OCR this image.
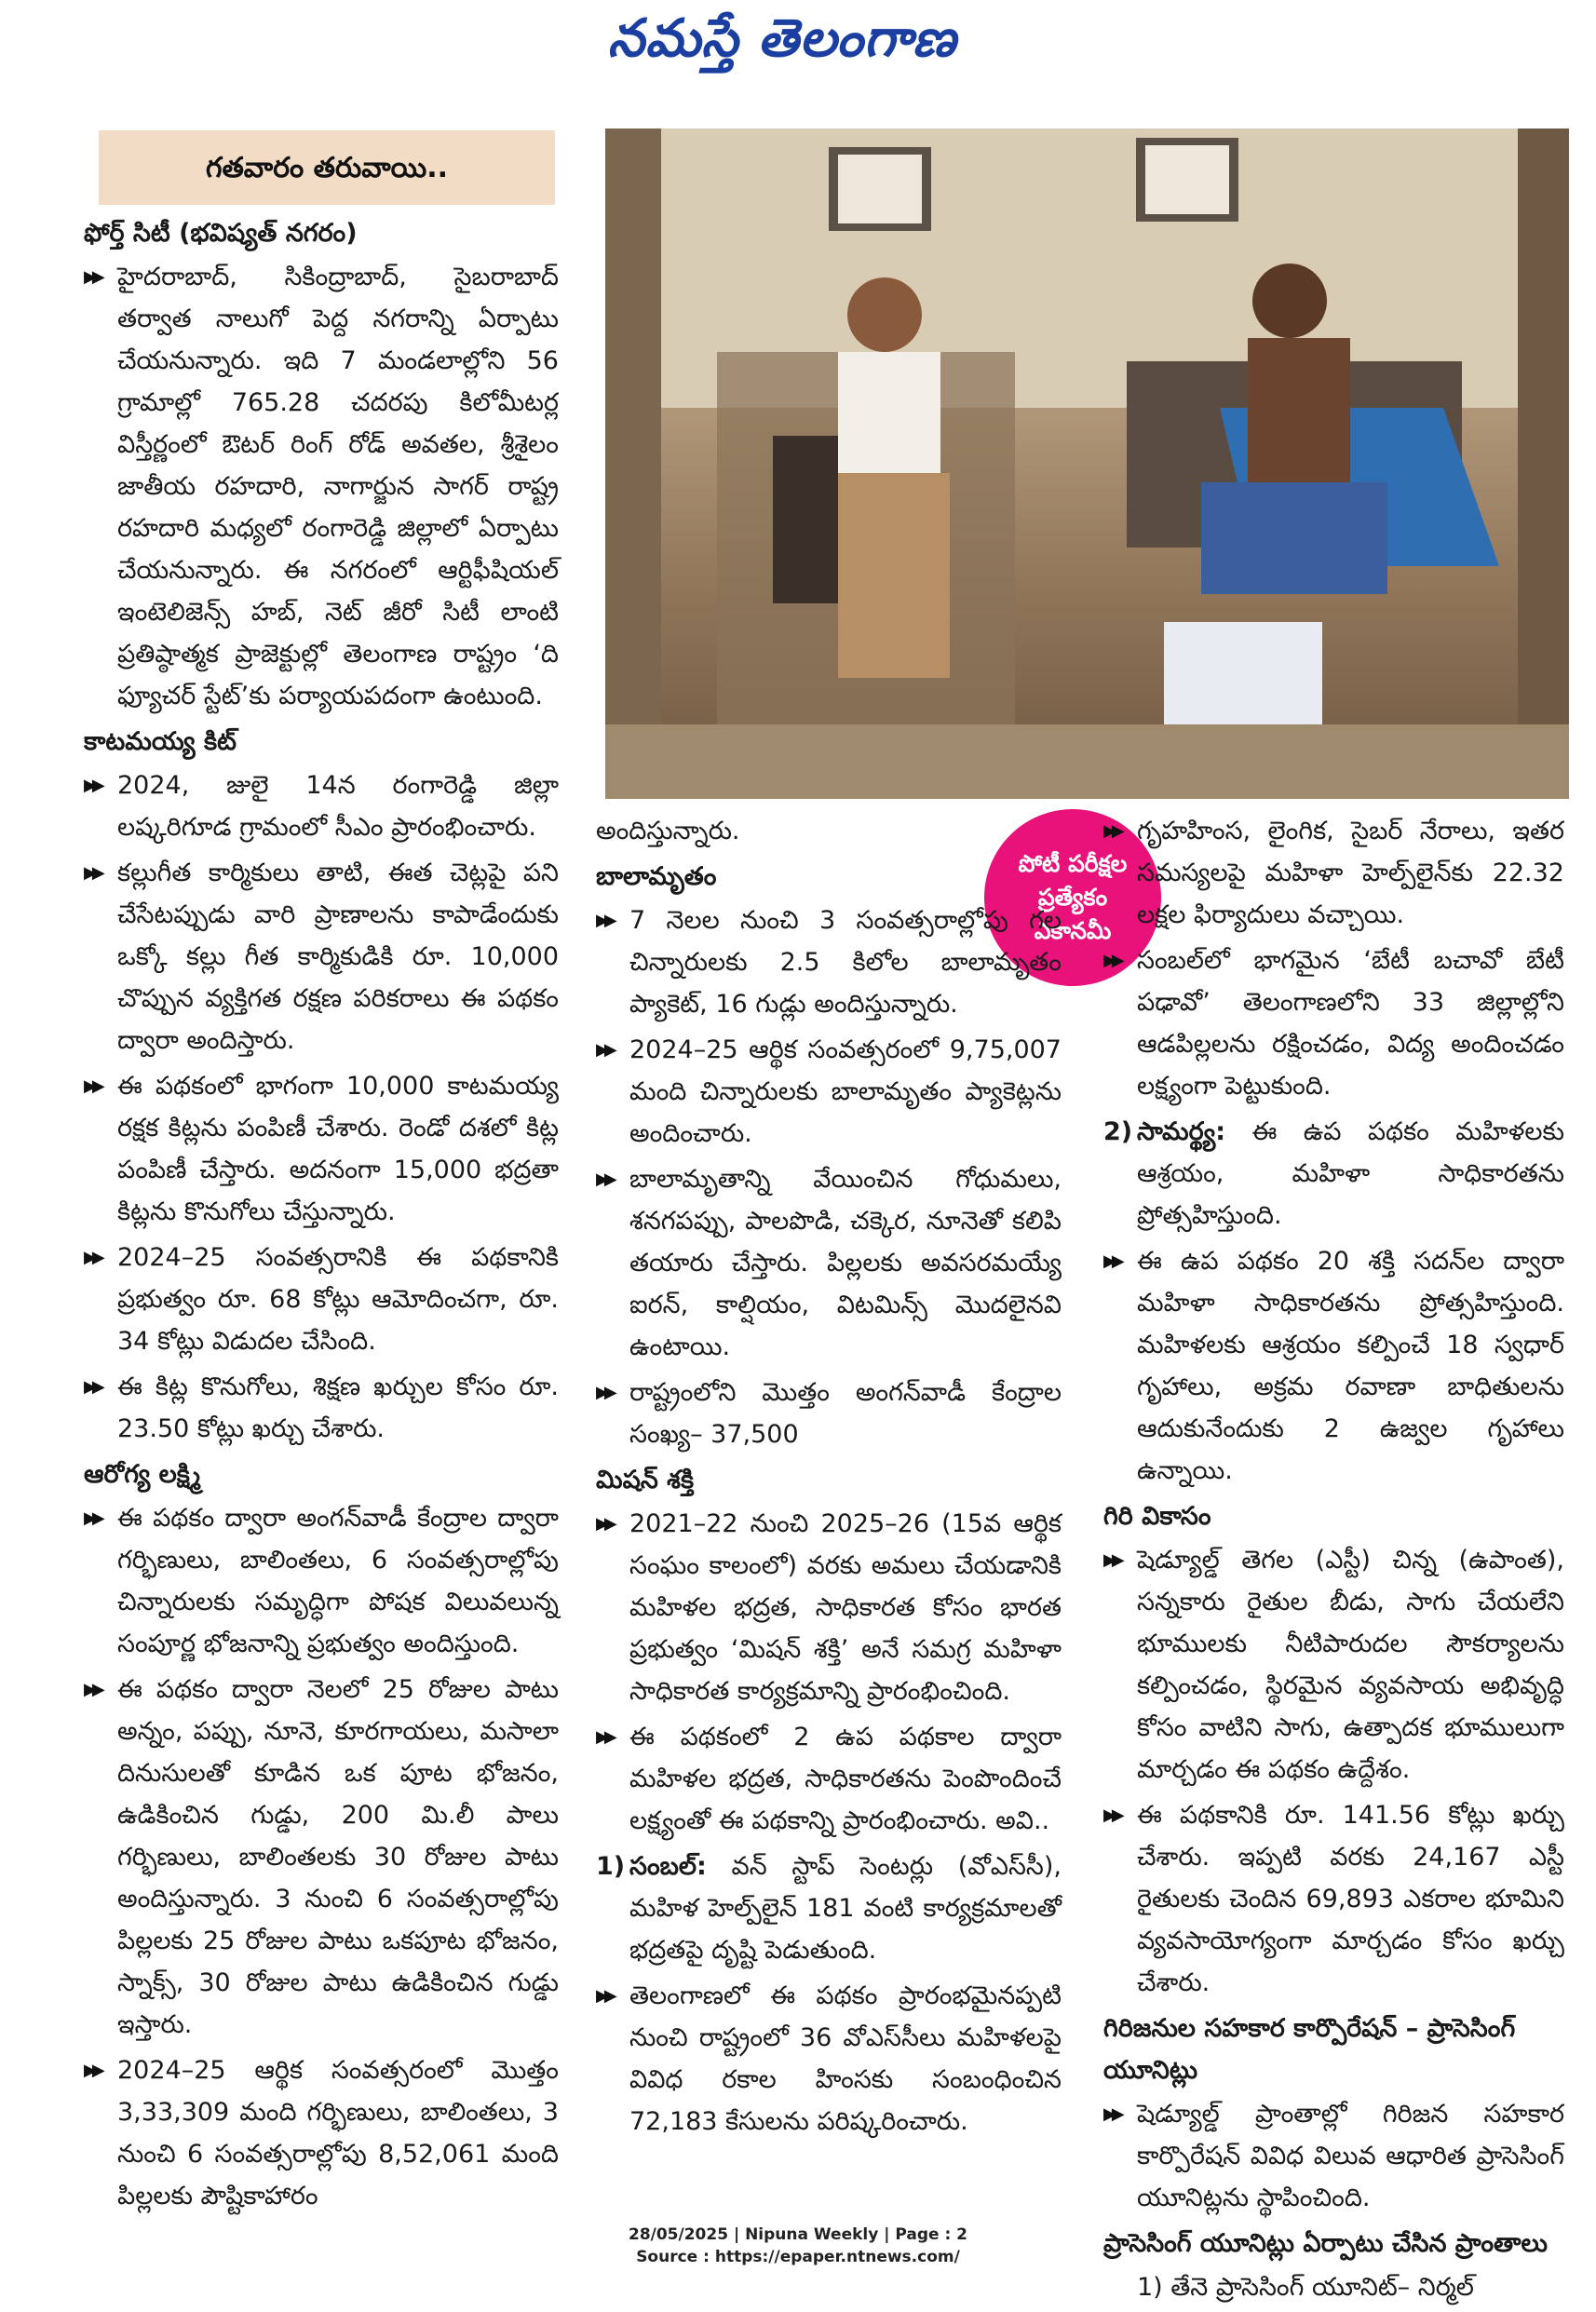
నమస్తే తెలంగాణ
పోటీ పరీక్షల
ప్రత్యేకం
ఎకానమీ
గతవారం తరువాయి..
ఫోర్త్ సిటీ (భవిష్యత్ నగరం)
▶▶ హైదరాబాద్, సికింద్రాబాద్, సైబరాబాద్ తర్వాత నాలుగో పెద్ద నగరాన్ని ఏర్పాటు చేయనున్నారు. ఇది 7 మండలాల్లోని 56 గ్రామాల్లో 765.28 చదరపు కిలోమీటర్ల విస్తీర్ణంలో ఔటర్ రింగ్ రోడ్ అవతల, శ్రీశైలం జాతీయ రహదారి, నాగార్జున సాగర్ రాష్ట్ర రహదారి మధ్యలో రంగారెడ్డి జిల్లాలో ఏర్పాటు చేయనున్నారు. ఈ నగరంలో ఆర్టిఫీషియల్ ఇంటెలిజెన్స్ హబ్, నెట్ జీరో సిటీ లాంటి ప్రతిష్ఠాత్మక ప్రాజెక్టుల్లో తెలంగాణ రాష్ట్రం ‘ది ఫ్యూచర్ స్టేట్’కు పర్యాయపదంగా ఉంటుంది.
కాటమయ్య కిట్
▶▶ 2024, జులై 14న రంగారెడ్డి జిల్లా లష్కరిగూడ గ్రామంలో సీఎం ప్రారంభించారు.
▶▶ కల్లుగీత కార్మికులు తాటి, ఈత చెట్లపై పని చేసేటప్పుడు వారి ప్రాణాలను కాపాడేందుకు ఒక్కో కల్లు గీత కార్మికుడికి రూ. 10,000 చొప్పున వ్యక్తిగత రక్షణ పరికరాలు ఈ పథకం ద్వారా అందిస్తారు.
▶▶ ఈ పథకంలో భాగంగా 10,000 కాటమయ్య రక్షక కిట్లను పంపిణీ చేశారు. రెండో దశలో కిట్ల పంపిణీ చేస్తారు. అదనంగా 15,000 భద్రతా కిట్లను కొనుగోలు చేస్తున్నారు.
▶▶ 2024–25 సంవత్సరానికి ఈ పథకానికి ప్రభుత్వం రూ. 68 కోట్లు ఆమోదించగా, రూ. 34 కోట్లు విడుదల చేసింది.
▶▶ ఈ కిట్ల కొనుగోలు, శిక్షణ ఖర్చుల కోసం రూ. 23.50 కోట్లు ఖర్చు చేశారు.
ఆరోగ్య లక్ష్మి
▶▶ ఈ పథకం ద్వారా అంగన్‌వాడీ కేంద్రాల ద్వారా గర్భిణులు, బాలింతలు, 6 సంవత్సరాల్లోపు చిన్నారులకు సమృద్ధిగా పోషక విలువలున్న సంపూర్ణ భోజనాన్ని ప్రభుత్వం అందిస్తుంది.
▶▶ ఈ పథకం ద్వారా నెలలో 25 రోజుల పాటు అన్నం, పప్పు, నూనె, కూరగాయలు, మసాలా దినుసులతో కూడిన ఒక పూట భోజనం, ఉడికించిన గుడ్డు, 200 మి.లీ పాలు గర్భిణులు, బాలింతలకు 30 రోజుల పాటు అందిస్తున్నారు. 3 నుంచి 6 సంవత్సరాల్లోపు పిల్లలకు 25 రోజుల పాటు ఒకపూట భోజనం, స్నాక్స్, 30 రోజుల పాటు ఉడికించిన గుడ్డు ఇస్తారు.
▶▶ 2024–25 ఆర్థిక సంవత్సరంలో మొత్తం 3,33,309 మంది గర్భిణులు, బాలింతలు, 3 నుంచి 6 సంవత్సరాల్లోపు 8,52,061 మంది పిల్లలకు పౌష్టికాహారం
అందిస్తున్నారు.
బాలామృతం
▶▶ 7 నెలల నుంచి 3 సంవత్సరాల్లోపు గల చిన్నారులకు 2.5 కిలోల బాలామృతం ప్యాకెట్, 16 గుడ్లు అందిస్తున్నారు.
▶▶ 2024–25 ఆర్థిక సంవత్సరంలో 9,75,007 మంది చిన్నారులకు బాలామృతం ప్యాకెట్లను అందించారు.
▶▶ బాలామృతాన్ని వేయించిన గోధుమలు, శనగపప్పు, పాలపొడి, చక్కెర, నూనెతో కలిపి తయారు చేస్తారు. పిల్లలకు అవసరమయ్యే ఐరన్, కాల్షియం, విటమిన్స్ మొదలైనవి ఉంటాయి.
▶▶ రాష్ట్రంలోని మొత్తం అంగన్‌వాడీ కేంద్రాల సంఖ్య– 37,500
మిషన్ శక్తి
▶▶ 2021–22 నుంచి 2025–26 (15వ ఆర్థిక సంఘం కాలంలో) వరకు అమలు చేయడానికి మహిళల భద్రత, సాధికారత కోసం భారత ప్రభుత్వం ‘మిషన్ శక్తి’ అనే సమగ్ర మహిళా సాధికారత కార్యక్రమాన్ని ప్రారంభించింది.
▶▶ ఈ పథకంలో 2 ఉప పథకాల ద్వారా మహిళల భద్రత, సాధికారతను పెంపొందించే లక్ష్యంతో ఈ పథకాన్ని ప్రారంభించారు. అవి..
1) సంబల్: వన్ స్టాప్ సెంటర్లు (వోఎస్‌సీ), మహిళ హెల్ప్‌లైన్ 181 వంటి కార్యక్రమాలతో భద్రతపై దృష్టి పెడుతుంది.
▶▶ తెలంగాణలో ఈ పథకం ప్రారంభమైనప్పటి నుంచి రాష్ట్రంలో 36 వోఎస్‌సీలు మహిళలపై వివిధ రకాల హింసకు సంబంధించిన 72,183 కేసులను పరిష్కరించారు.
▶▶ గృహహింస, లైంగిక, సైబర్ నేరాలు, ఇతర సమస్యలపై మహిళా హెల్ప్‌లైన్‌కు 22.32 లక్షల ఫిర్యాదులు వచ్చాయి.
▶▶ సంబల్‌లో భాగమైన ‘బేటీ బచావో బేటీ పఢావో’ తెలంగాణలోని 33 జిల్లాల్లోని ఆడపిల్లలను రక్షించడం, విద్య అందించడం లక్ష్యంగా పెట్టుకుంది.
2) సామర్థ్య: ఈ ఉప పథకం మహిళలకు ఆశ్రయం, మహిళా సాధికారతను ప్రోత్సహిస్తుంది.
▶▶ ఈ ఉప పథకం 20 శక్తి సదన్‌ల ద్వారా మహిళా సాధికారతను ప్రోత్సహిస్తుంది. మహిళలకు ఆశ్రయం కల్పించే 18 స్వధార్ గృహాలు, అక్రమ రవాణా బాధితులను ఆదుకునేందుకు 2 ఉజ్వల గృహాలు ఉన్నాయి.
గిరి వికాసం
▶▶ షెడ్యూల్డ్ తెగల (ఎస్టీ) చిన్న (ఉపాంత), సన్నకారు రైతుల బీడు, సాగు చేయలేని భూములకు నీటిపారుదల సౌకర్యాలను కల్పించడం, స్థిరమైన వ్యవసాయ అభివృద్ధి కోసం వాటిని సాగు, ఉత్పాదక భూములుగా మార్చడం ఈ పథకం ఉద్దేశం.
▶▶ ఈ పథకానికి రూ. 141.56 కోట్లు ఖర్చు చేశారు. ఇప్పటి వరకు 24,167 ఎస్టీ రైతులకు చెందిన 69,893 ఎకరాల భూమిని వ్యవసాయోగ్యంగా మార్చడం కోసం ఖర్చు చేశారు.
గిరిజనుల సహకార కార్పొరేషన్ – ప్రాసెసింగ్ యూనిట్లు
▶▶ షెడ్యూల్డ్ ప్రాంతాల్లో గిరిజన సహకార కార్పొరేషన్ వివిధ విలువ ఆధారిత ప్రాసెసింగ్ యూనిట్లను స్థాపించింది.
ప్రాసెసింగ్ యూనిట్లు ఏర్పాటు చేసిన ప్రాంతాలు
1) తేనె ప్రాసెసింగ్ యూనిట్– నిర్మల్
28/05/2025 | Nipuna Weekly | Page : 2
Source : https://epaper.ntnews.com/
